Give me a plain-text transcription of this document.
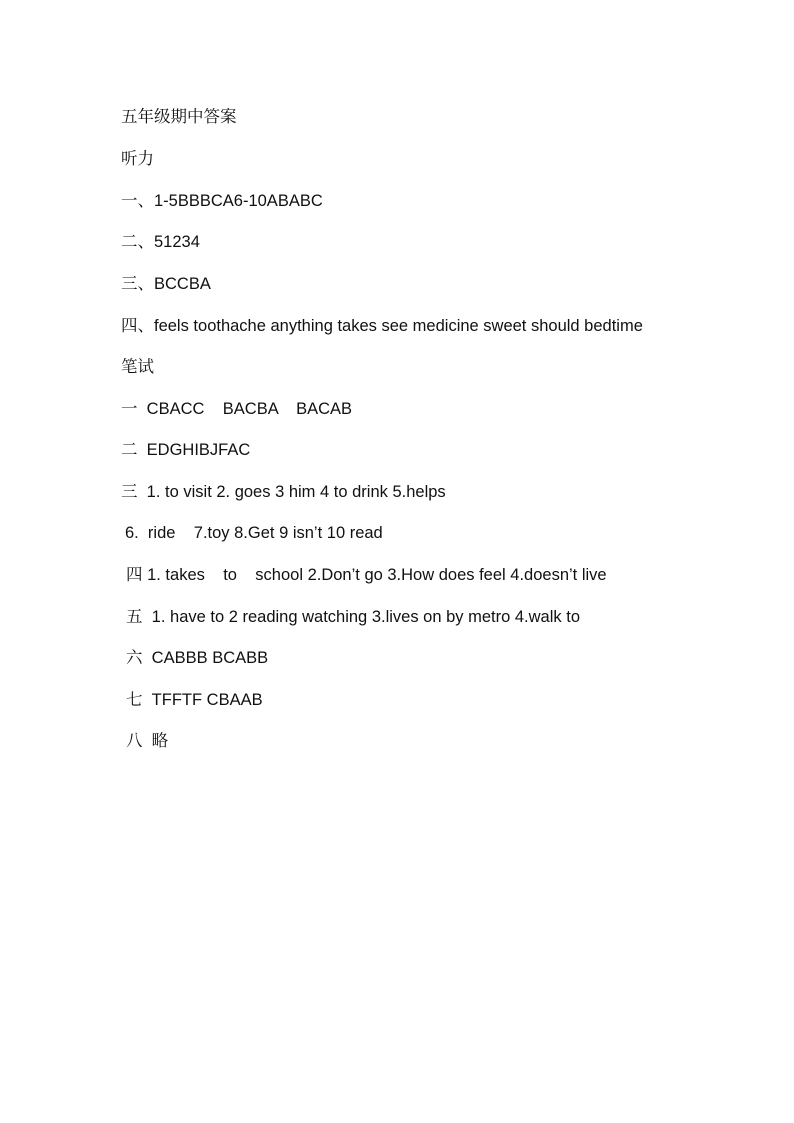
五年级期中答案
听力
一、1-5BBBCA6-10ABABC
二、51234
三、BCCBA
四、feels toothache anything takes see medicine sweet should bedtime
笔试
一  CBACC    BACBA    BACAB
二  EDGHIBJFAC
三  1. to visit 2. goes 3 him 4 to drink 5.helps
6.  ride    7.toy 8.Get 9 isn’t 10 read
四 1. takes    to    school 2.Don’t go 3.How does feel 4.doesn’t live
五  1. have to 2 reading watching 3.lives on by metro 4.walk to
六  CABBB BCABB
七  TFFTF CBAAB
八  略
